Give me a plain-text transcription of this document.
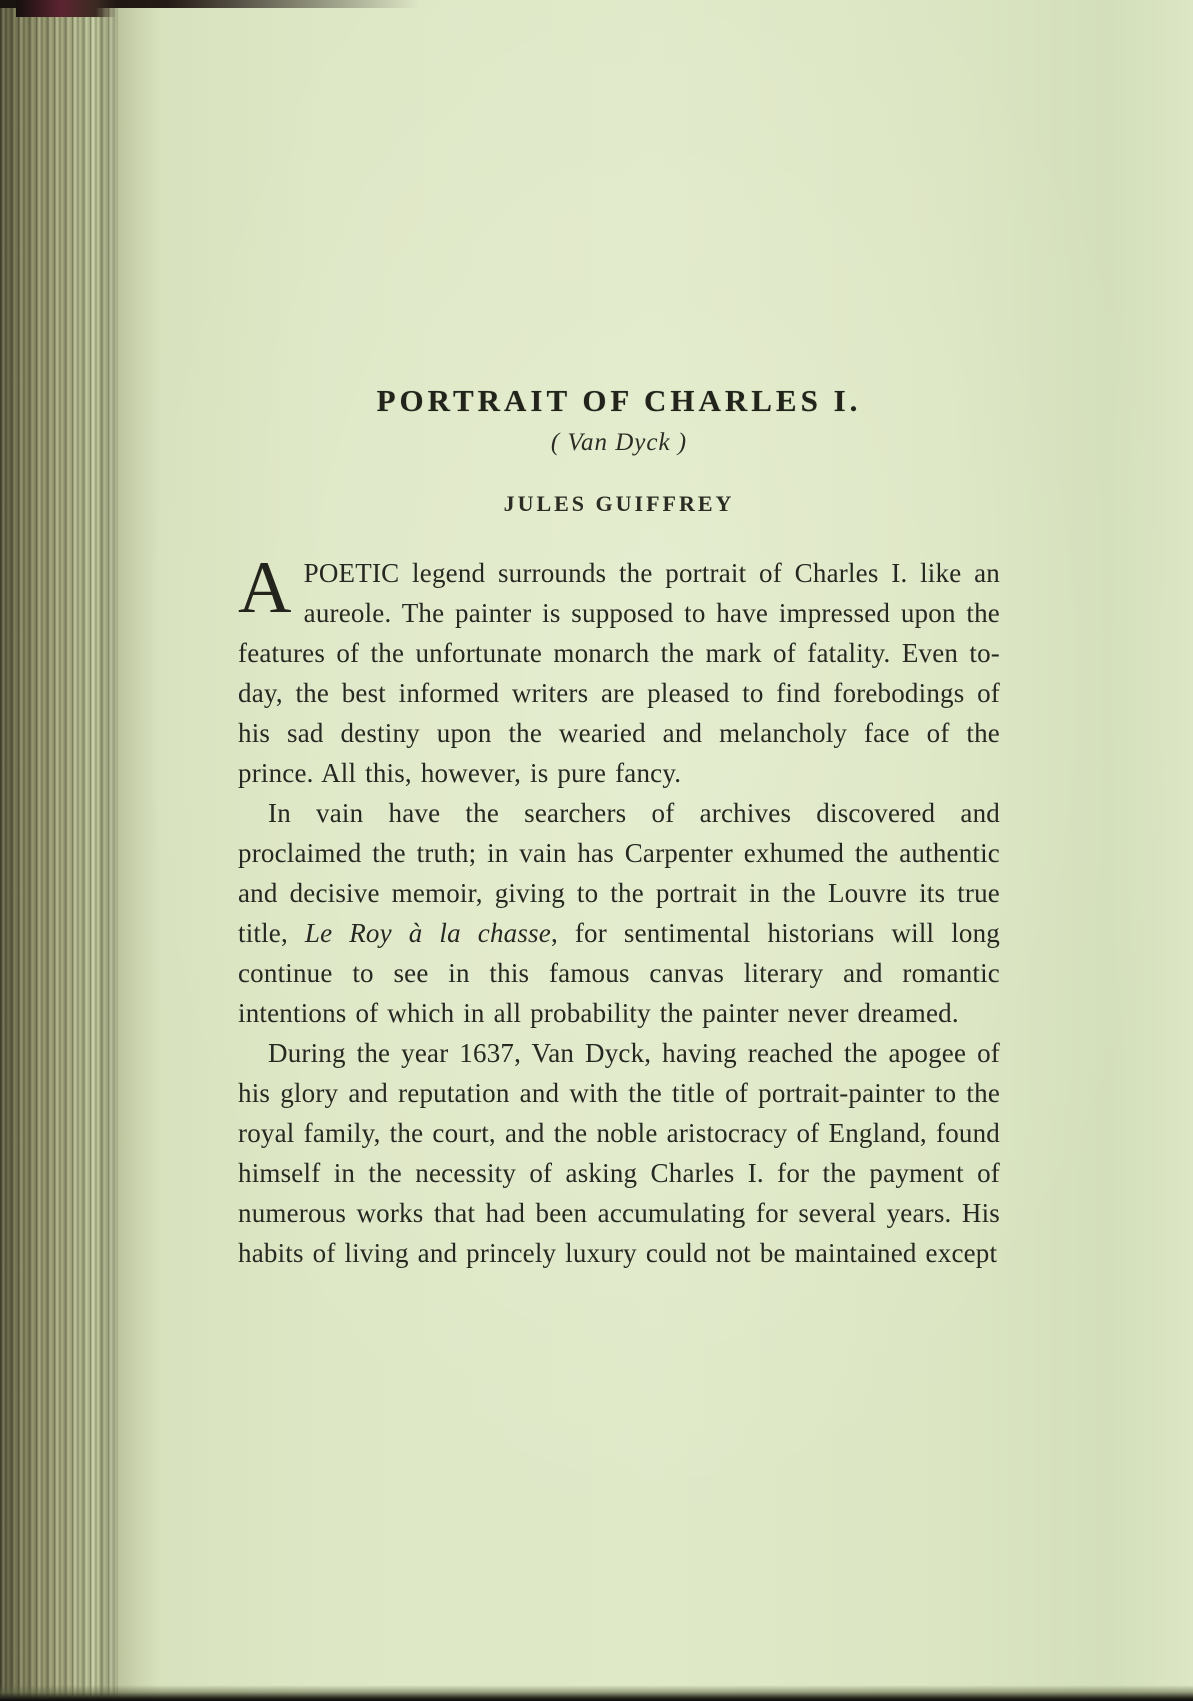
PORTRAIT OF CHARLES I.
( Van Dyck )
JULES GUIFFREY

APOETIC legend surrounds the portrait of Charles I. like an aureole. The painter is supposed to have impressed upon the features of the unfortunate monarch the mark of fatality. Even to-day, the best informed writers are pleased to find forebodings of his sad destiny upon the wearied and melancholy face of the prince. All this, however, is pure fancy.

In vain have the searchers of archives discovered and proclaimed the truth; in vain has Carpenter exhumed the authentic and decisive memoir, giving to the portrait in the Louvre its true title, Le Roy à la chasse, for sentimental historians will long continue to see in this famous canvas literary and romantic intentions of which in all probability the painter never dreamed.

During the year 1637, Van Dyck, having reached the apogee of his glory and reputation and with the title of portrait-painter to the royal family, the court, and the noble aristocracy of England, found himself in the necessity of asking Charles I. for the payment of numerous works that had been accumulating for several years. His habits of living and princely luxury could not be maintained except
